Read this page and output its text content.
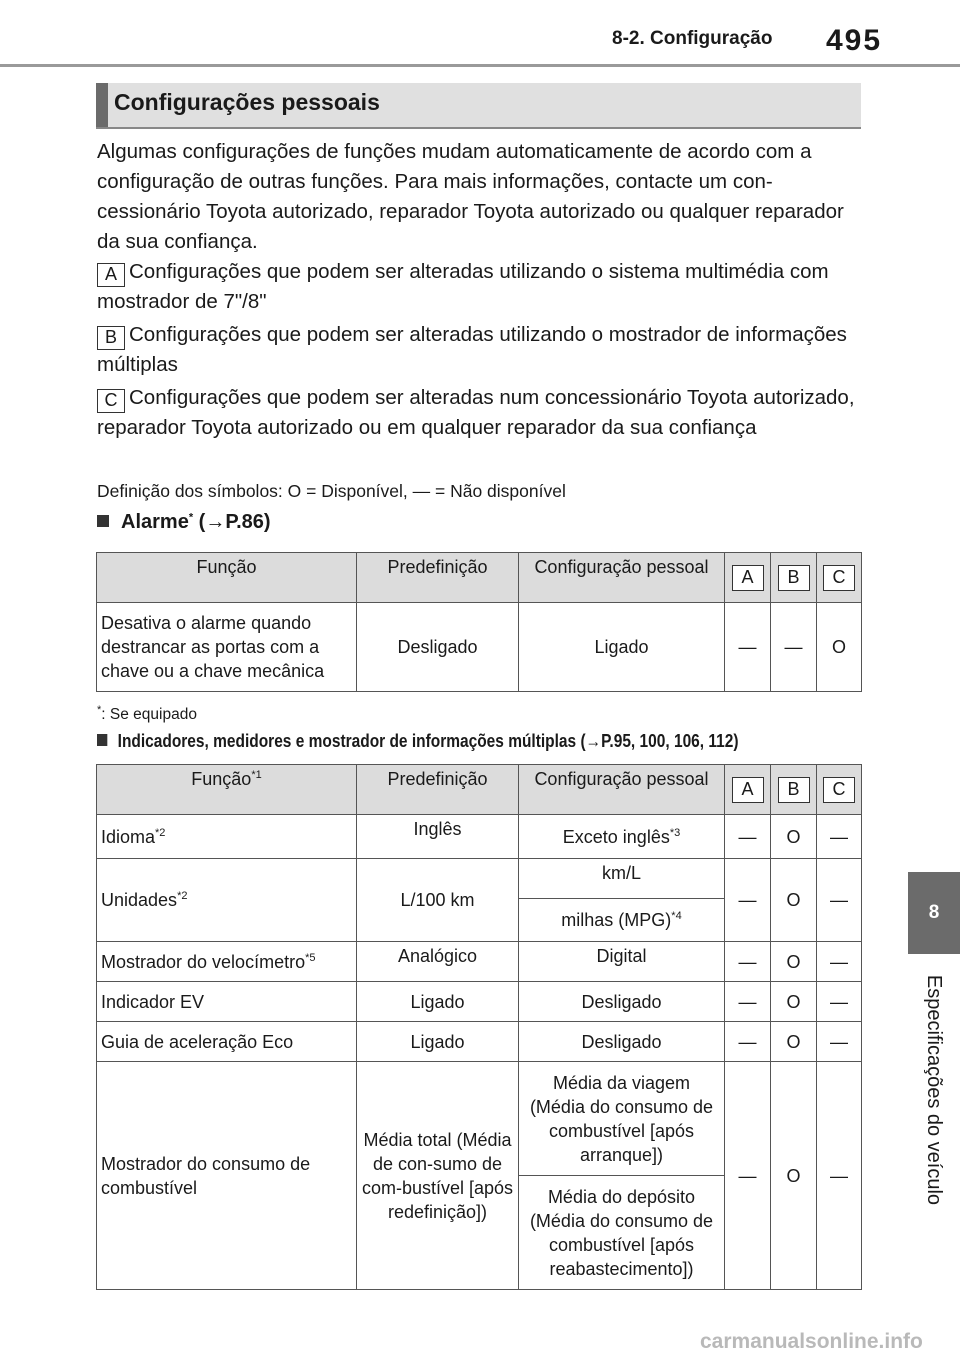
8-2. Configuração 495
Configurações pessoais
Algumas configurações de funções mudam automaticamente de acordo com a configuração de outras funções. Para mais informações, contacte um con-cessionário Toyota autorizado, reparador Toyota autorizado ou qualquer reparador da sua confiança.
A Configurações que podem ser alteradas utilizando o sistema multimédia com mostrador de 7"/8"
B Configurações que podem ser alteradas utilizando o mostrador de informações múltiplas
C Configurações que podem ser alteradas num concessionário Toyota autorizado, reparador Toyota autorizado ou em qualquer reparador da sua confiança
Definição dos símbolos: O = Disponível, — = Não disponível
Alarme* (→P.86)
Função	Predefinição	Configuração pessoal	A	B	C
Desativa o alarme quando destrancar as portas com a chave ou a chave mecânica	Desligado	Ligado	—	—	O
*: Se equipado
Indicadores, medidores e mostrador de informações múltiplas (→P.95, 100, 106, 112)
Função$^{*1}$	Predefinição	Configuração pessoal	A	B	C
Idioma$^{*2}$	Inglês	Exceto inglês$^{*3}$	—	O	—
Unidades$^{*2}$	L/100 km	km/L	—	O	—
		milhas (MPG)$^{*4}$
Mostrador do velocímetro$^{*5}$	Analógico	Digital	—	O	—
Indicador EV	Ligado	Desligado	—	O	—
Guia de aceleração Eco	Ligado	Desligado	—	O	—
Mostrador do consumo de combustível	Média total (Média de con-sumo de com-bustível [após redefinição])	Média da viagem (Média do consumo de combustível [após arranque])	—	O	—
		Média do depósito (Média do consumo de combustível [após reabastecimento])			
8
Especificações do veículo
carmanualsonline.info
